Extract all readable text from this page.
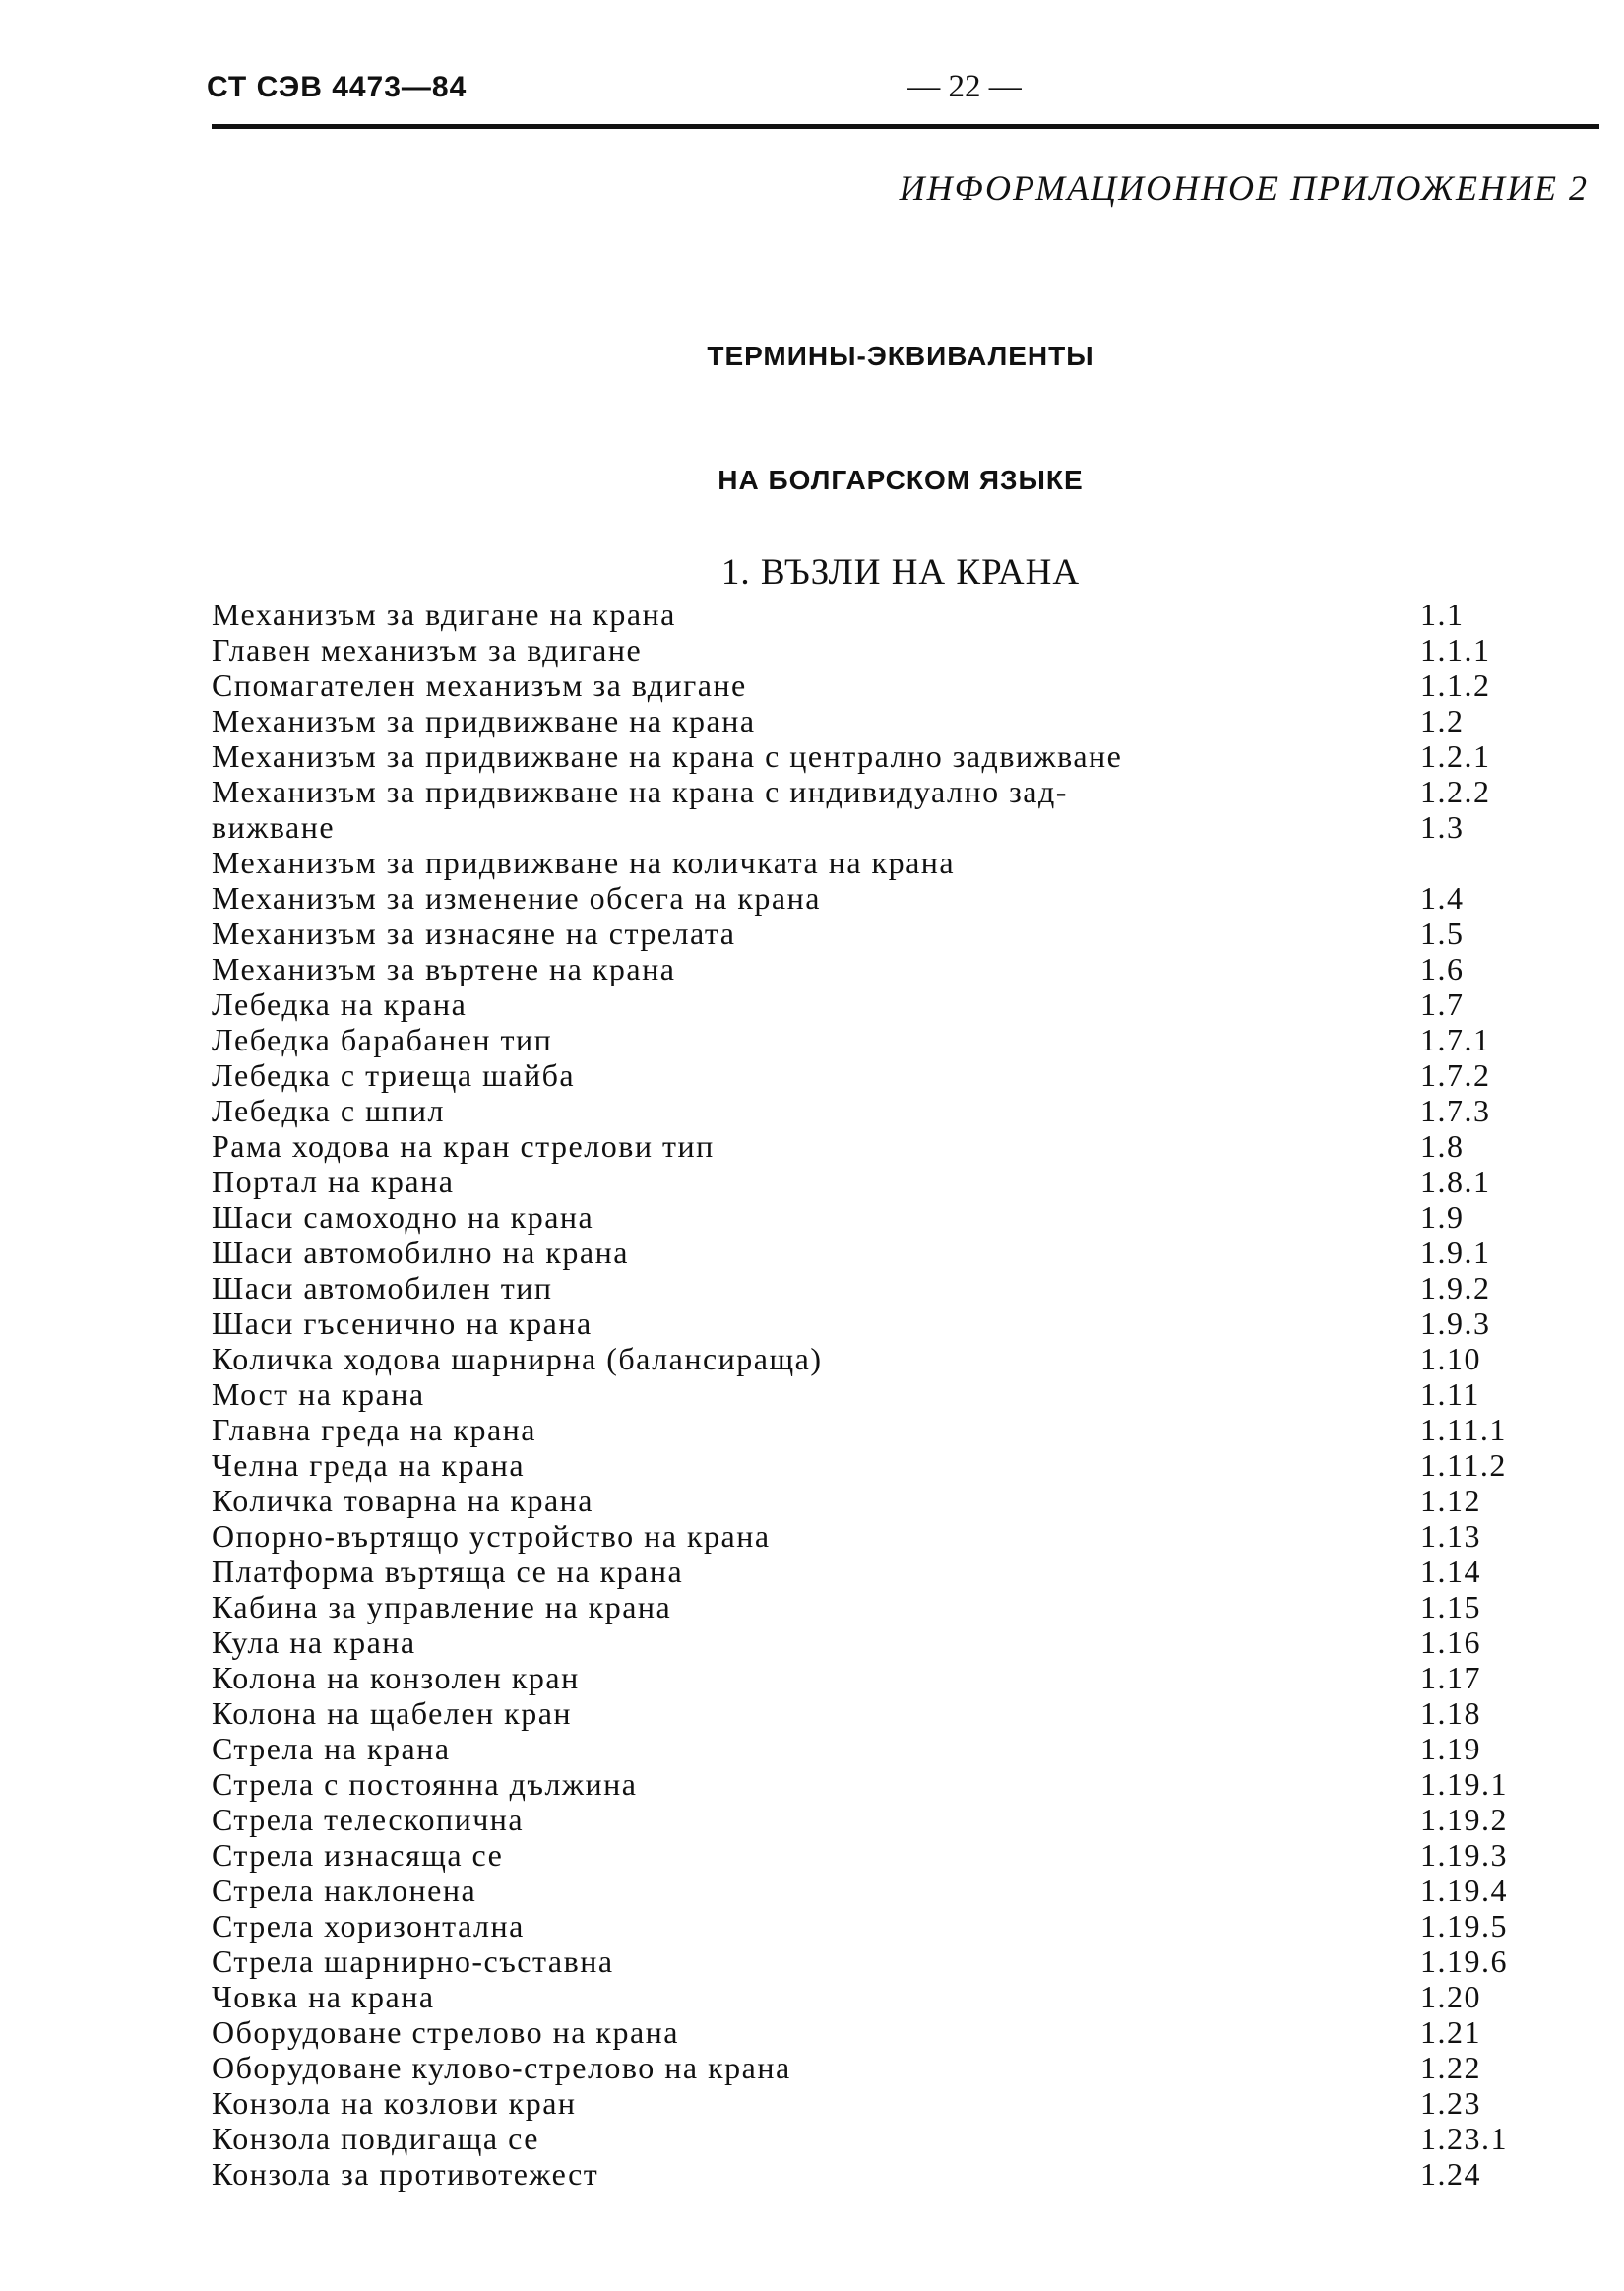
СТ СЭВ 4473—84	— 22 —
ИНФОРМАЦИОННОЕ ПРИЛОЖЕНИЕ 2
ТЕРМИНЫ-ЭКВИВАЛЕНТЫ
НА БОЛГАРСКОМ ЯЗЫКЕ
1. ВЪЗЛИ НА КРАНА
Механизъм за вдигане на крана	1.1
Главен механизъм за вдигане	1.1.1
Спомагателен механизъм за вдигане	1.1.2
Механизъм за придвижване на крана	1.2
Механизъм за придвижване на крана с централно задвижване	1.2.1
Механизъм за придвижване на крана с индивидуално зад-	1.2.2
вижване	1.3
Механизъм за придвижване на количката на крана
Механизъм за изменение обсега на крана	1.4
Механизъм за изнасяне на стрелата	1.5
Механизъм за въртене на крана	1.6
Лебедка на крана	1.7
Лебедка барабанен тип	1.7.1
Лебедка с триеща шайба	1.7.2
Лебедка с шпил	1.7.3
Рама ходова на кран стрелови тип	1.8
Портал на крана	1.8.1
Шаси самоходно на крана	1.9
Шаси автомобилно на крана	1.9.1
Шаси автомобилен тип	1.9.2
Шаси гъсенично на крана	1.9.3
Количка ходова шарнирна (балансираща)	1.10
Мост на крана	1.11
Главна греда на крана	1.11.1
Челна греда на крана	1.11.2
Количка товарна на крана	1.12
Опорно-въртящо устройство на крана	1.13
Платформа въртяща се на крана	1.14
Кабина за управление на крана	1.15
Кула на крана	1.16
Колона на конзолен кран	1.17
Колона на щабелен кран	1.18
Стрела на крана	1.19
Стрела с постоянна дължина	1.19.1
Стрела телескопична	1.19.2
Стрела изнасяща се	1.19.3
Стрела наклонена	1.19.4
Стрела хоризонтална	1.19.5
Стрела шарнирно-съставна	1.19.6
Човка на крана	1.20
Оборудоване стрелово на крана	1.21
Оборудоване кулово-стрелово на крана	1.22
Конзола на козлови кран	1.23
Конзола повдигаща се	1.23.1
Конзола за противотежест	1.24
